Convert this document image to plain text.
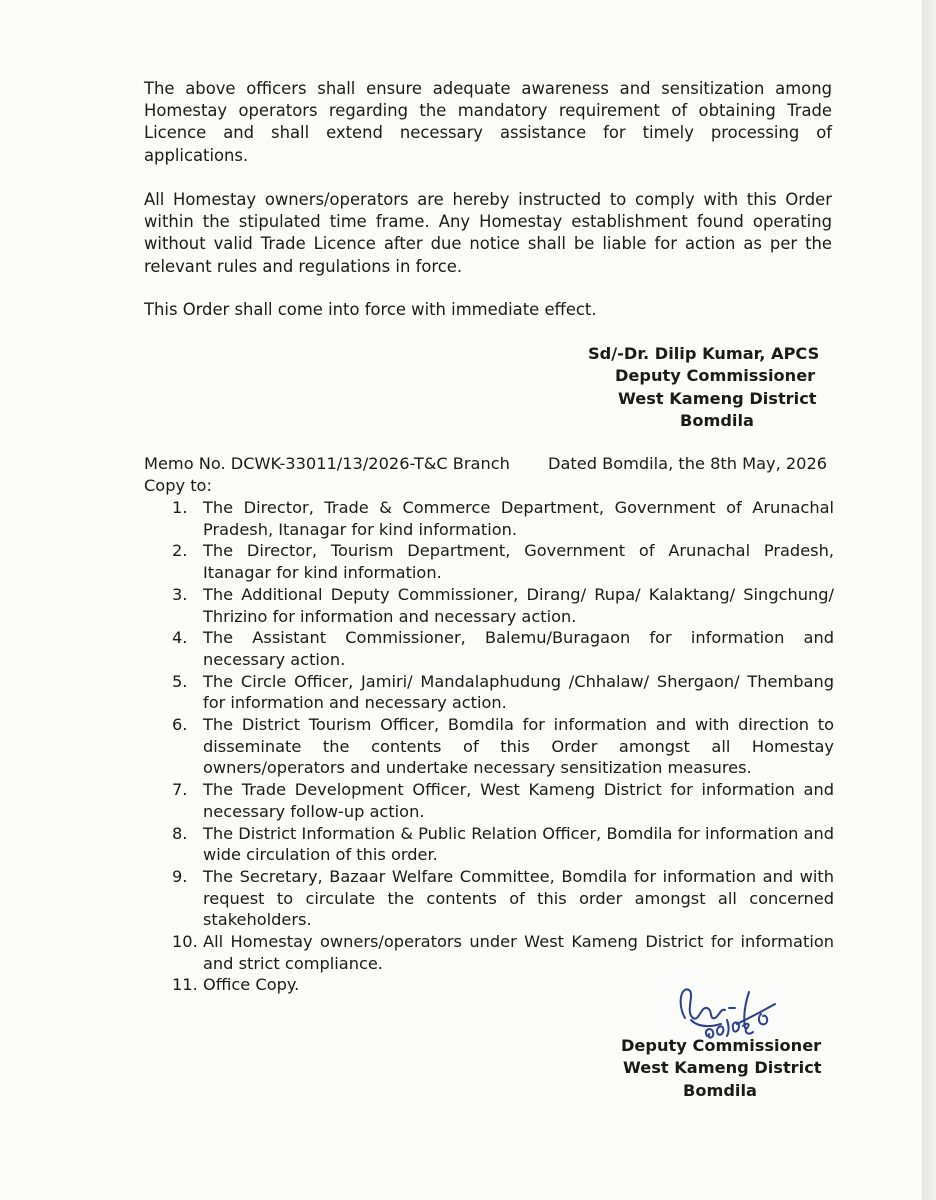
The above officers shall ensure adequate awareness and sensitization among Homestay operators regarding the mandatory requirement of obtaining Trade Licence and shall extend necessary assistance for timely processing of applications.

All Homestay owners/operators are hereby instructed to comply with this Order within the stipulated time frame. Any Homestay establishment found operating without valid Trade Licence after due notice shall be liable for action as per the relevant rules and regulations in force.

This Order shall come into force with immediate effect.

Sd/-Dr. Dilip Kumar, APCS
Deputy Commissioner
West Kameng District
Bomdila
Memo No. DCWK-33011/13/2026-T&C Branch Dated Bomdila, the 8th May, 2026
Copy to:
1. The Director, Trade & Commerce Department, Government of Arunachal Pradesh, Itanagar for kind information.
2. The Director, Tourism Department, Government of Arunachal Pradesh, Itanagar for kind information.
3. The Additional Deputy Commissioner, Dirang/ Rupa/ Kalaktang/ Singchung/ Thrizino for information and necessary action.
4. The Assistant Commissioner, Balemu/Buragaon for information and necessary action.
5. The Circle Officer, Jamiri/ Mandalaphudung /Chhalaw/ Shergaon/ Thembang for information and necessary action.
6. The District Tourism Officer, Bomdila for information and with direction to disseminate the contents of this Order amongst all Homestay owners/operators and undertake necessary sensitization measures.
7. The Trade Development Officer, West Kameng District for information and necessary follow-up action.
8. The District Information & Public Relation Officer, Bomdila for information and wide circulation of this order.
9. The Secretary, Bazaar Welfare Committee, Bomdila for information and with request to circulate the contents of this order amongst all concerned stakeholders.
10. All Homestay owners/operators under West Kameng District for information and strict compliance.
11. Office Copy.
Deputy Commissioner
West Kameng District
Bomdila
